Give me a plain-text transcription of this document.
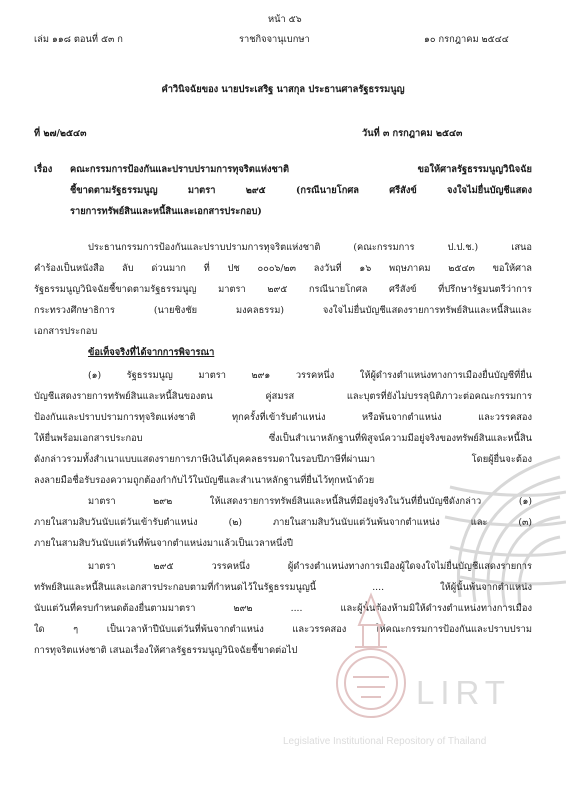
หน้า ๕๖
เล่ม ๑๑๘ ตอนที่ ๕๓ ก	ราชกิจจานุเบกษา	๑๐ กรกฎาคม ๒๕๔๔
คำวินิจฉัยของ นายประเสริฐ นาสกุล ประธานศาลรัฐธรรมนูญ
ที่ ๒๗/๒๕๔๓	วันที่ ๓ กรกฎาคม ๒๕๔๓
เรื่อง คณะกรรมการป้องกันและปราบปรามการทุจริตแห่งชาติ ขอให้ศาลรัฐธรรมนูญวินิจฉัย
ชี้ขาดตามรัฐธรรมนูญ มาตรา ๒๙๕ (กรณีนายโกศล ศรีสังข์ จงใจไม่ยื่นบัญชีแสดง
รายการทรัพย์สินและหนี้สินและเอกสารประกอบ)
ประธานกรรมการป้องกันและปราบปรามการทุจริตแห่งชาติ (คณะกรรมการ ป.ป.ช.) เสนอ
คำร้องเป็นหนังสือ ลับ ด่วนมาก ที่ ปช ๐๐๐๖/๒๓ ลงวันที่ ๑๖ พฤษภาคม ๒๕๔๓ ขอให้ศาล
รัฐธรรมนูญวินิจฉัยชี้ขาดตามรัฐธรรมนูญ มาตรา ๒๙๕ กรณีนายโกศล ศรีสังข์ ที่ปรึกษารัฐมนตรีว่าการ
กระทรวงศึกษาธิการ (นายชิงชัย มงคลธรรม) จงใจไม่ยื่นบัญชีแสดงรายการทรัพย์สินและหนี้สินและ
เอกสารประกอบ
ข้อเท็จจริงที่ได้จากการพิจารณา
(๑) รัฐธรรมนูญ มาตรา ๒๙๑ วรรคหนึ่ง ให้ผู้ดำรงตำแหน่งทางการเมืองยื่นบัญชีที่ยื่น
บัญชีแสดงรายการทรัพย์สินและหนี้สินของตน คู่สมรส และบุตรที่ยังไม่บรรลุนิติภาวะต่อคณะกรรมการ
ป้องกันและปราบปรามการทุจริตแห่งชาติ ทุกครั้งที่เข้ารับตำแหน่ง หรือพ้นจากตำแหน่ง และวรรคสอง
ให้ยื่นพร้อมเอกสารประกอบ ซึ่งเป็นสำเนาหลักฐานที่พิสูจน์ความมีอยู่จริงของทรัพย์สินและหนี้สิน
ดังกล่าวรวมทั้งสำเนาแบบแสดงรายการภาษีเงินได้บุคคลธรรมดาในรอบปีภาษีที่ผ่านมา โดยผู้ยื่นจะต้อง
ลงลายมือชื่อรับรองความถูกต้องกำกับไว้ในบัญชีและสำเนาหลักฐานที่ยื่นไว้ทุกหน้าด้วย
มาตรา ๒๙๒ ให้แสดงรายการทรัพย์สินและหนี้สินที่มีอยู่จริงในวันที่ยื่นบัญชีดังกล่าว (๑)
ภายในสามสิบวันนับแต่วันเข้ารับตำแหน่ง (๒) ภายในสามสิบวันนับแต่วันพ้นจากตำแหน่ง และ (๓)
ภายในสามสิบวันนับแต่วันที่พ้นจากตำแหน่งมาแล้วเป็นเวลาหนึ่งปี
มาตรา ๒๙๕ วรรคหนึ่ง ผู้ดำรงตำแหน่งทางการเมืองผู้ใดจงใจไม่ยื่นบัญชีแสดงรายการ
ทรัพย์สินและหนี้สินและเอกสารประกอบตามที่กำหนดไว้ในรัฐธรรมนูญนี้ .... ให้ผู้นั้นพ้นจากตำแหน่ง
นับแต่วันที่ครบกำหนดต้องยื่นตามมาตรา ๒๙๒ .... และผู้นั้นต้องห้ามมิให้ดำรงตำแหน่งทางการเมือง
ใด ๆ เป็นเวลาห้าปีนับแต่วันที่พ้นจากตำแหน่ง และวรรคสอง ให้คณะกรรมการป้องกันและปราบปราม
การทุจริตแห่งชาติ เสนอเรื่องให้ศาลรัฐธรรมนูญวินิจฉัยชี้ขาดต่อไป
LIRT
Legislative Institutional Repository of Thailand
